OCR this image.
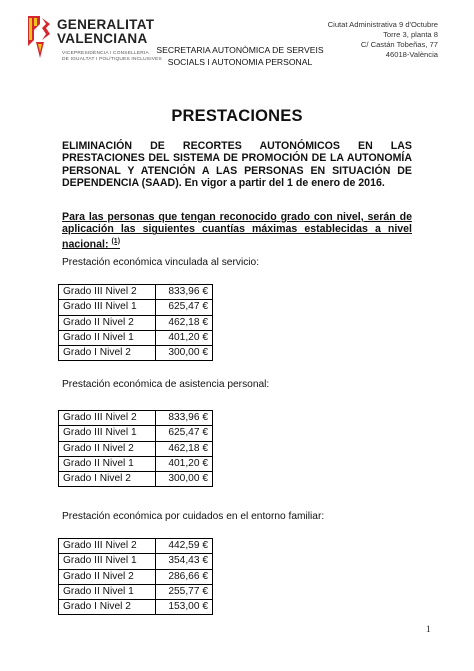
GENERALITAT
VALENCIANA
VICEPRESIDÈNCIA I CONSELLERIA
DE IGUALTAT I POLÍTIQUES INCLUSIVES
Ciutat Administrativa 9 d'Octubre
Torre 3, planta 8
C/ Castán Tobeñas, 77
46018-València
SECRETARIA AUTONÒMICA DE SERVEIS
SOCIALS I AUTONOMIA PERSONAL
PRESTACIONES
ELIMINACIÓN DE RECORTES AUTONÓMICOS EN LAS PRESTACIONES DEL SISTEMA DE PROMOCIÓN DE LA AUTONOMÍA PERSONAL Y ATENCIÓN A LAS PERSONAS EN SITUACIÓN DE DEPENDENCIA (SAAD). En vigor a partir del 1 de enero de 2016.
Para las personas que tengan reconocido grado con nivel, serán de aplicación las siguientes cuantías máximas establecidas a nivel nacional: $^{(1)}$
Prestación económica vinculada al servicio:
Grado III Nivel 2	833,96 €
Grado III Nivel 1	625,47 €
Grado II Nivel 2	462,18 €
Grado II Nivel 1	401,20 €
Grado I Nivel 2	300,00 €
Prestación económica de asistencia personal:
Grado III Nivel 2	833,96 €
Grado III Nivel 1	625,47 €
Grado II Nivel 2	462,18 €
Grado II Nivel 1	401,20 €
Grado I Nivel 2	300,00 €
Prestación económica por cuidados en el entorno familiar:
Grado III Nivel 2	442,59 €
Grado III Nivel 1	354,43 €
Grado II Nivel 2	286,66 €
Grado II Nivel 1	255,77 €
Grado I Nivel 2	153,00 €
1
